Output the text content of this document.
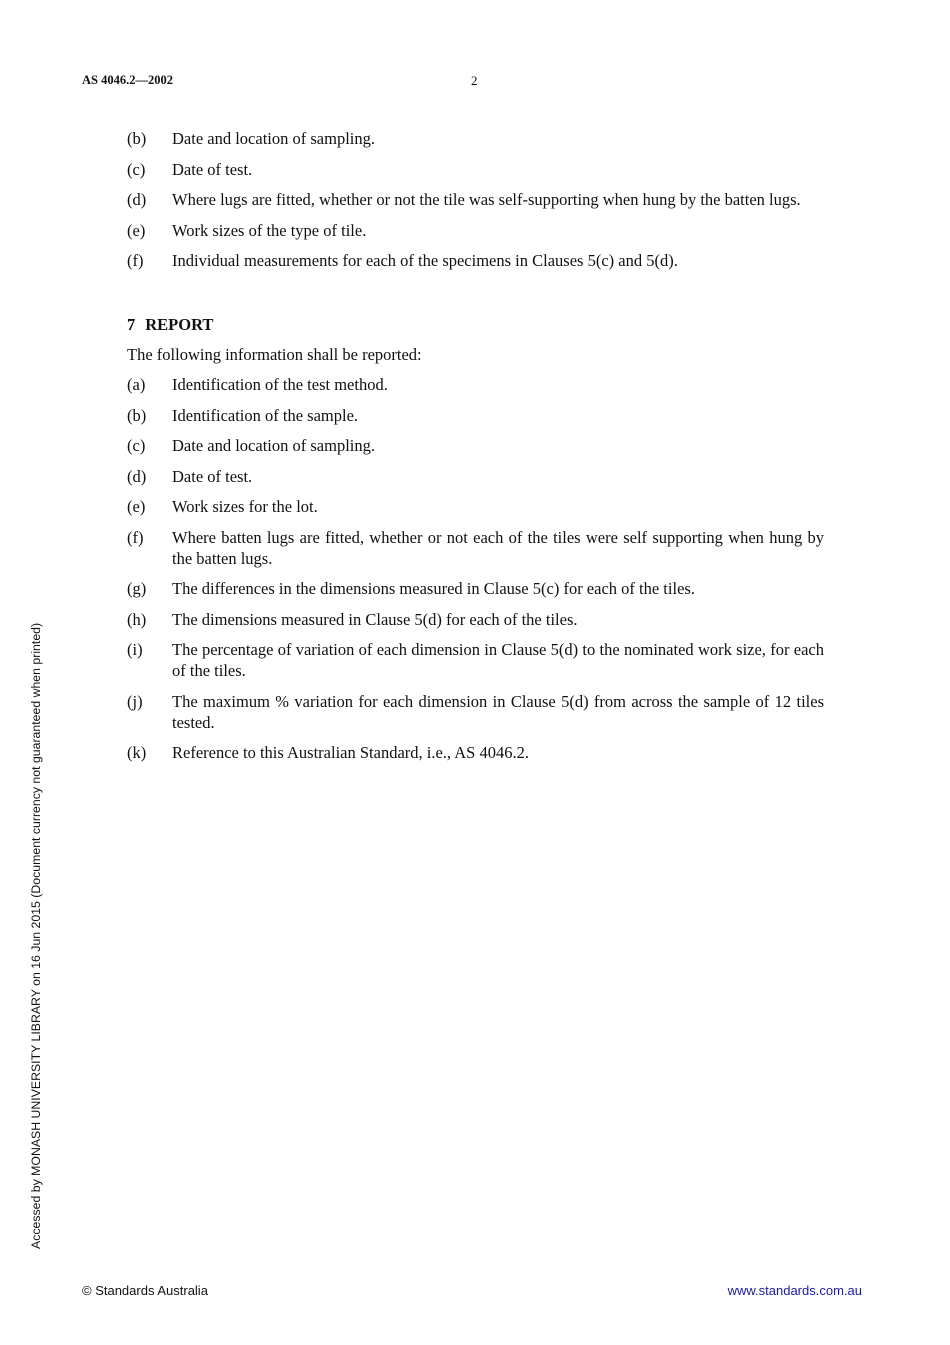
AS 4046.2—2002	2
(b)	Date and location of sampling.
(c)	Date of test.
(d)	Where lugs are fitted, whether or not the tile was self-supporting when hung by the batten lugs.
(e)	Work sizes of the type of tile.
(f)	Individual measurements for each of the specimens in Clauses 5(c) and 5(d).
7 REPORT
The following information shall be reported:
(a)	Identification of the test method.
(b)	Identification of the sample.
(c)	Date and location of sampling.
(d)	Date of test.
(e)	Work sizes for the lot.
(f)	Where batten lugs are fitted, whether or not each of the tiles were self supporting when hung by the batten lugs.
(g)	The differences in the dimensions measured in Clause 5(c) for each of the tiles.
(h)	The dimensions measured in Clause 5(d) for each of the tiles.
(i)	The percentage of variation of each dimension in Clause 5(d) to the nominated work size, for each of the tiles.
(j)	The maximum % variation for each dimension in Clause 5(d) from across the sample of 12 tiles tested.
(k)	Reference to this Australian Standard, i.e., AS 4046.2.
Accessed by MONASH UNIVERSITY LIBRARY on 16 Jun 2015 (Document currency not guaranteed when printed)
© Standards Australia	www.standards.com.au
